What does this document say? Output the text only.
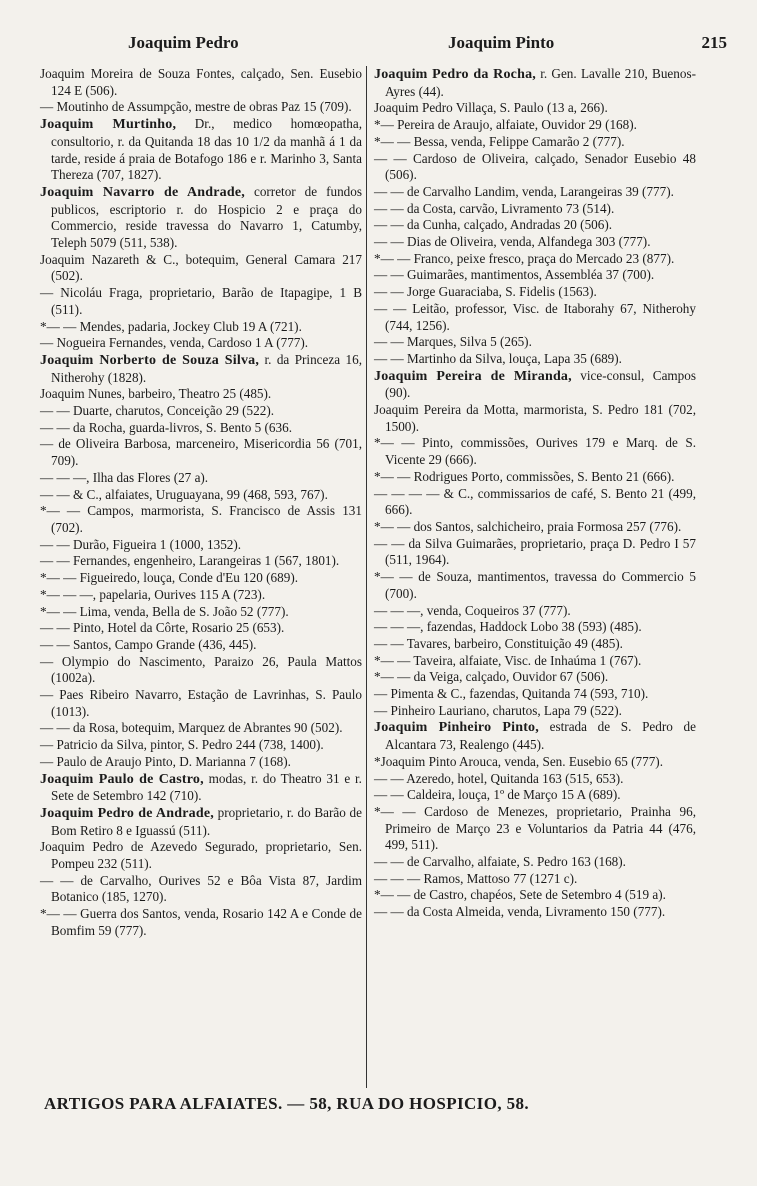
Joaquim Pedro	Joaquim Pinto	215

Joaquim Moreira de Souza Fontes, calçado, Sen. Eusebio 124 E (506).

— Moutinho de Assumpção, mestre de obras Paz 15 (709).

Joaquim Murtinho, Dr., medico homœopatha, consultorio, r. da Quitanda 18 das 10 1/2 da manhã á 1 da tarde, reside á praia de Botafogo 186 e r. Marinho 3, Santa Thereza (707, 1827).

Joaquim Navarro de Andrade, corretor de fundos publicos, escriptorio r. do Hospicio 2 e praça do Commercio, reside travessa do Navarro 1, Catumby, Teleph 5079 (511, 538).

Joaquim Nazareth & C., botequim, General Camara 217 (502).

— Nicoláu Fraga, proprietario, Barão de Itapagipe, 1 B (511).

*— — Mendes, padaria, Jockey Club 19 A (721).

— Nogueira Fernandes, venda, Cardoso 1 A (777).

Joaquim Norberto de Souza Silva, r. da Princeza 16, Nitherohy (1828).

Joaquim Nunes, barbeiro, Theatro 25 (485).

— — Duarte, charutos, Conceição 29 (522).

— — da Rocha, guarda-livros, S. Bento 5 (636.

— de Oliveira Barbosa, marceneiro, Misericordia 56 (701, 709).

— — —, Ilha das Flores (27 a).

— — & C., alfaiates, Uruguayana, 99 (468, 593, 767).

*— — Campos, marmorista, S. Francisco de Assis 131 (702).

— — Durão, Figueira 1 (1000, 1352).

— — Fernandes, engenheiro, Larangeiras 1 (567, 1801).

*— — Figueiredo, louça, Conde d'Eu 120 (689).

*— — —, papelaria, Ourives 115 A (723).

*— — Lima, venda, Bella de S. João 52 (777).

— — Pinto, Hotel da Côrte, Rosario 25 (653).

— — Santos, Campo Grande (436, 445).

— Olympio do Nascimento, Paraizo 26, Paula Mattos (1002a).

— Paes Ribeiro Navarro, Estação de Lavrinhas, S. Paulo (1013).

— — da Rosa, botequim, Marquez de Abrantes 90 (502).

— Patricio da Silva, pintor, S. Pedro 244 (738, 1400).

— Paulo de Araujo Pinto, D. Marianna 7 (168).

Joaquim Paulo de Castro, modas, r. do Theatro 31 e r. Sete de Setembro 142 (710).

Joaquim Pedro de Andrade, proprietario, r. do Barão de Bom Retiro 8 e Iguassú (511).

Joaquim Pedro de Azevedo Segurado, proprietario, Sen. Pompeu 232 (511).

— — de Carvalho, Ourives 52 e Bôa Vista 87, Jardim Botanico (185, 1270).

*— — Guerra dos Santos, venda, Rosario 142 A e Conde de Bomfim 59 (777).

Joaquim Pedro da Rocha, r. Gen. Lavalle 210, Buenos-Ayres (44).

Joaquim Pedro Villaça, S. Paulo (13 a, 266).

*— Pereira de Araujo, alfaiate, Ouvidor 29 (168).

*— — Bessa, venda, Felippe Camarão 2 (777).

— — Cardoso de Oliveira, calçado, Senador Eusebio 48 (506).

— — de Carvalho Landim, venda, Larangeiras 39 (777).

— — da Costa, carvão, Livramento 73 (514).

— — da Cunha, calçado, Andradas 20 (506).

— — Dias de Oliveira, venda, Alfandega 303 (777).

*— — Franco, peixe fresco, praça do Mercado 23 (877).

— — Guimarães, mantimentos, Assembléa 37 (700).

— — Jorge Guaraciaba, S. Fidelis (1563).

— — Leitão, professor, Visc. de Itaborahy 67, Nitherohy (744, 1256).

— — Marques, Silva 5 (265).

— — Martinho da Silva, louça, Lapa 35 (689).

Joaquim Pereira de Miranda, vice-consul, Campos (90).

Joaquim Pereira da Motta, marmorista, S. Pedro 181 (702, 1500).

*— — Pinto, commissões, Ourives 179 e Marq. de S. Vicente 29 (666).

*— — Rodrigues Porto, commissões, S. Bento 21 (666).

— — — — & C., commissarios de café, S. Bento 21 (499, 666).

*— — dos Santos, salchicheiro, praia Formosa 257 (776).

— — da Silva Guimarães, proprietario, praça D. Pedro I 57 (511, 1964).

*— — de Souza, mantimentos, travessa do Commercio 5 (700).

— — —, venda, Coqueiros 37 (777).

— — —, fazendas, Haddock Lobo 38 (593) (485).

— — Tavares, barbeiro, Constituição 49 (485).

*— — Taveira, alfaiate, Visc. de Inhaúma 1 (767).

*— — da Veiga, calçado, Ouvidor 67 (506).

— Pimenta & C., fazendas, Quitanda 74 (593, 710).

— Pinheiro Lauriano, charutos, Lapa 79 (522).

Joaquim Pinheiro Pinto, estrada de S. Pedro de Alcantara 73, Realengo (445).

*Joaquim Pinto Arouca, venda, Sen. Eusebio 65 (777).

— — Azeredo, hotel, Quitanda 163 (515, 653).

— — Caldeira, louça, 1º de Março 15 A (689).

*— — Cardoso de Menezes, proprietario, Prainha 96, Primeiro de Março 23 e Voluntarios da Patria 44 (476, 499, 511).

— — de Carvalho, alfaiate, S. Pedro 163 (168).

— — — Ramos, Mattoso 77 (1271 c).

*— — de Castro, chapéos, Sete de Setembro 4 (519 a).

— — da Costa Almeida, venda, Livramento 150 (777).

ARTIGOS PARA ALFAIATES. — 58, RUA DO HOSPICIO, 58.
